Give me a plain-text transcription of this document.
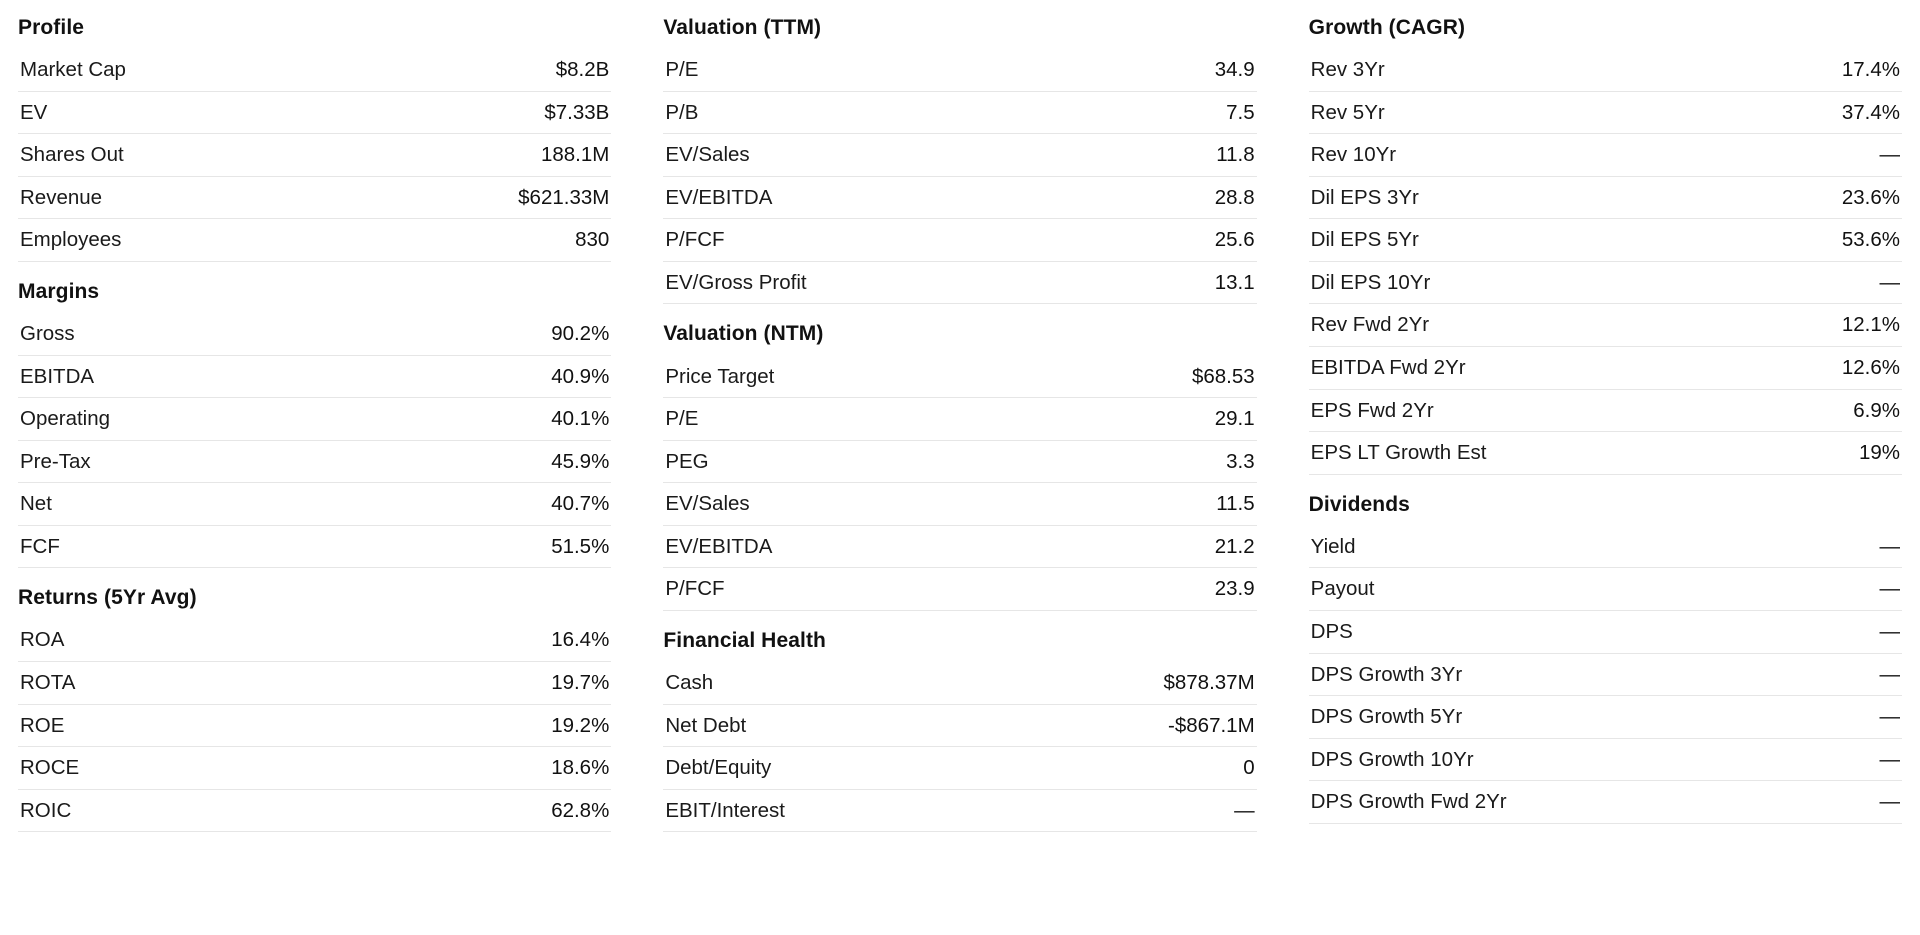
Profile
Market Cap	$8.2B
EV	$7.33B
Shares Out	188.1M
Revenue	$621.33M
Employees	830
Margins
Gross	90.2%
EBITDA	40.9%
Operating	40.1%
Pre-Tax	45.9%
Net	40.7%
FCF	51.5%
Returns (5Yr Avg)
ROA	16.4%
ROTA	19.7%
ROE	19.2%
ROCE	18.6%
ROIC	62.8%
Valuation (TTM)
P/E	34.9
P/B	7.5
EV/Sales	11.8
EV/EBITDA	28.8
P/FCF	25.6
EV/Gross Profit	13.1
Valuation (NTM)
Price Target	$68.53
P/E	29.1
PEG	3.3
EV/Sales	11.5
EV/EBITDA	21.2
P/FCF	23.9
Financial Health
Cash	$878.37M
Net Debt	-$867.1M
Debt/Equity	0
EBIT/Interest	—
Growth (CAGR)
Rev 3Yr	17.4%
Rev 5Yr	37.4%
Rev 10Yr	—
Dil EPS 3Yr	23.6%
Dil EPS 5Yr	53.6%
Dil EPS 10Yr	—
Rev Fwd 2Yr	12.1%
EBITDA Fwd 2Yr	12.6%
EPS Fwd 2Yr	6.9%
EPS LT Growth Est	19%
Dividends
Yield	—
Payout	—
DPS	—
DPS Growth 3Yr	—
DPS Growth 5Yr	—
DPS Growth 10Yr	—
DPS Growth Fwd 2Yr	—
